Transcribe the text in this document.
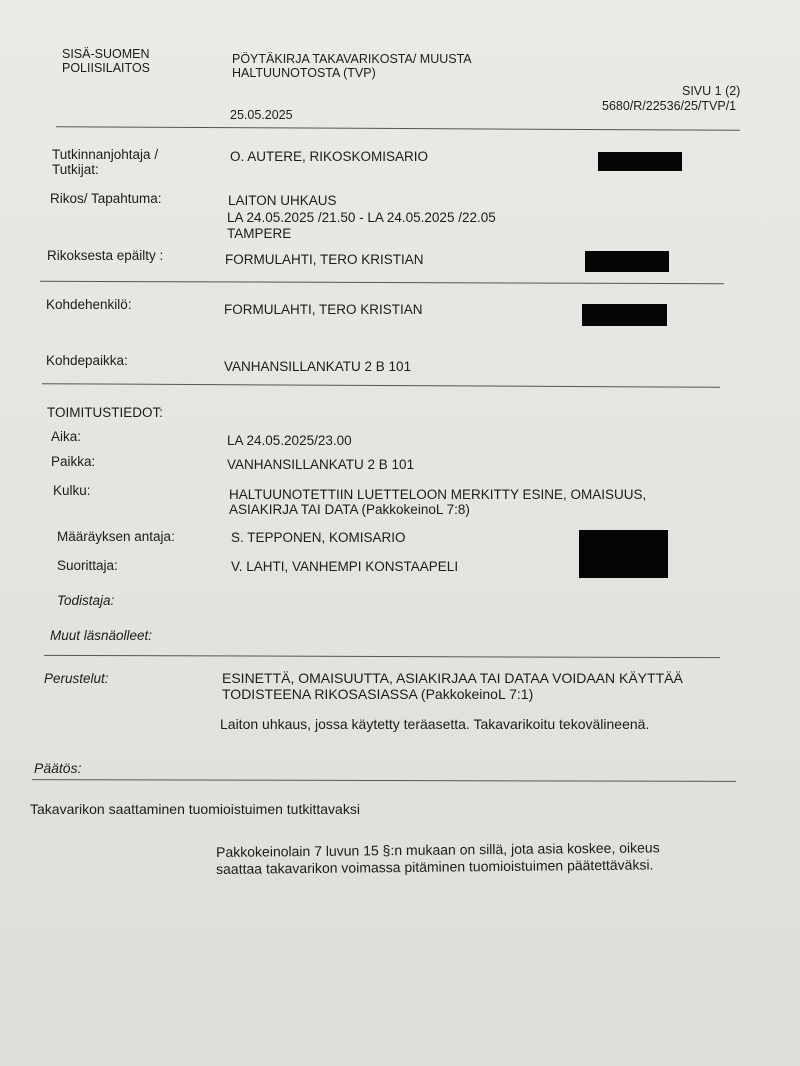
SISÄ-SUOMEN
POLIISILAITOS
PÖYTÄKIRJA TAKAVARIKOSTA/ MUUSTA
HALTUUNOTOSTA (TVP)
SIVU 1 (2)
5680/R/22536/25/TVP/1
25.05.2025
Tutkinnanjohtaja /
Tutkijat:
O. AUTERE, RIKOSKOMISARIO
Rikos/ Tapahtuma:	LAITON UHKAUS
LA 24.05.2025 /21.50 - LA 24.05.2025 /22.05
TAMPERE
Rikoksesta epäilty :	FORMULAHTI, TERO KRISTIAN
Kohdehenkilö:	FORMULAHTI, TERO KRISTIAN
Kohdepaikka:	VANHANSILLANKATU 2 B 101
TOIMITUSTIEDOT:
Aika:	LA 24.05.2025/23.00
Paikka:	VANHANSILLANKATU 2 B 101
Kulku:	HALTUUNOTETTIIN LUETTELOON MERKITTY ESINE, OMAISUUS,
ASIAKIRJA TAI DATA (PakkokeinoL 7:8)
Määräyksen antaja:	S. TEPPONEN, KOMISARIO
Suorittaja:	V. LAHTI, VANHEMPI KONSTAAPELI
Todistaja:
Muut läsnäolleet:
Perustelut:	ESINETTÄ, OMAISUUTTA, ASIAKIRJAA TAI DATAA VOIDAAN KÄYTTÄÄ
TODISTEENA RIKOSASIASSA (PakkokeinoL 7:1)
Laiton uhkaus, jossa käytetty teräasetta. Takavarikoitu tekovälineenä.
Päätös:
Takavarikon saattaminen tuomioistuimen tutkittavaksi
Pakkokeinolain 7 luvun 15 §:n mukaan on sillä, jota asia koskee, oikeus
saattaa takavarikon voimassa pitäminen tuomioistuimen päätettäväksi.
